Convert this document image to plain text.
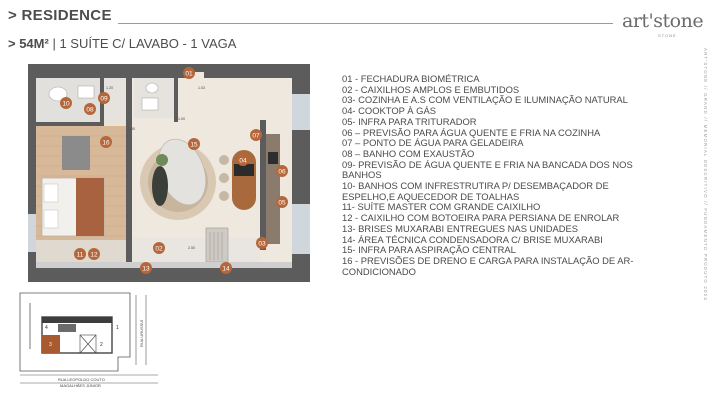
> RESIDENCE	art'stone
STONE
> 54M² | 1 SUÍTE C/ LAVABO - 1 VAGA
1.20	1.03
1.00
1.30
2.50
01
02
03
04
05
06
07
08
09
10
11 12
13	14
15
16
01 - FECHADURA BIOMÉTRICA
02 - CAIXILHOS AMPLOS E EMBUTIDOS
03- COZINHA E A.S COM VENTILAÇÃO E ILUMINAÇÃO NATURAL
04- COOKTOP À GÁS
05- INFRA PARA TRITURADOR
06 – PREVISÃO PARA ÁGUA QUENTE E FRIA NA COZINHA
07 – PONTO DE ÁGUA PARA GELADEIRA
08 – BANHO COM EXAUSTÃO
09- PREVISÃO DE ÁGUA QUENTE E FRIA NA BANCADA DOS NOS BANHOS
10- BANHOS COM INFRESTRUTIRA P/ DESEMBAÇADOR DE ESPELHO,E AQUECEDOR DE TOALHAS
11- SUÍTE MASTER COM GRANDE CAIXILHO
12 - CAIXILHO COM BOTOEIRA PARA PERSIANA DE ENROLAR
13- BRISES MUXARABI ENTREGUES NAS UNIDADES
14- ÁREA TÉCNICA CONDENSADORA C/ BRISE MUXARABI
15- INFRA PARA ASPIRAÇÃO CENTRAL
16 - PREVISÕES DE DRENO E CARGA PARA INSTALAÇÃO DE AR-CONDICIONADO	ART'STONE // GRAND // MEMORIAL DESCRITIVO // FUNDAMENTO PRODUTO 2023
4	1
3	2	RUA URUSSUÍ
RUA LEOPOLDO COUTO
MAGALHÃES JÚNIOR
